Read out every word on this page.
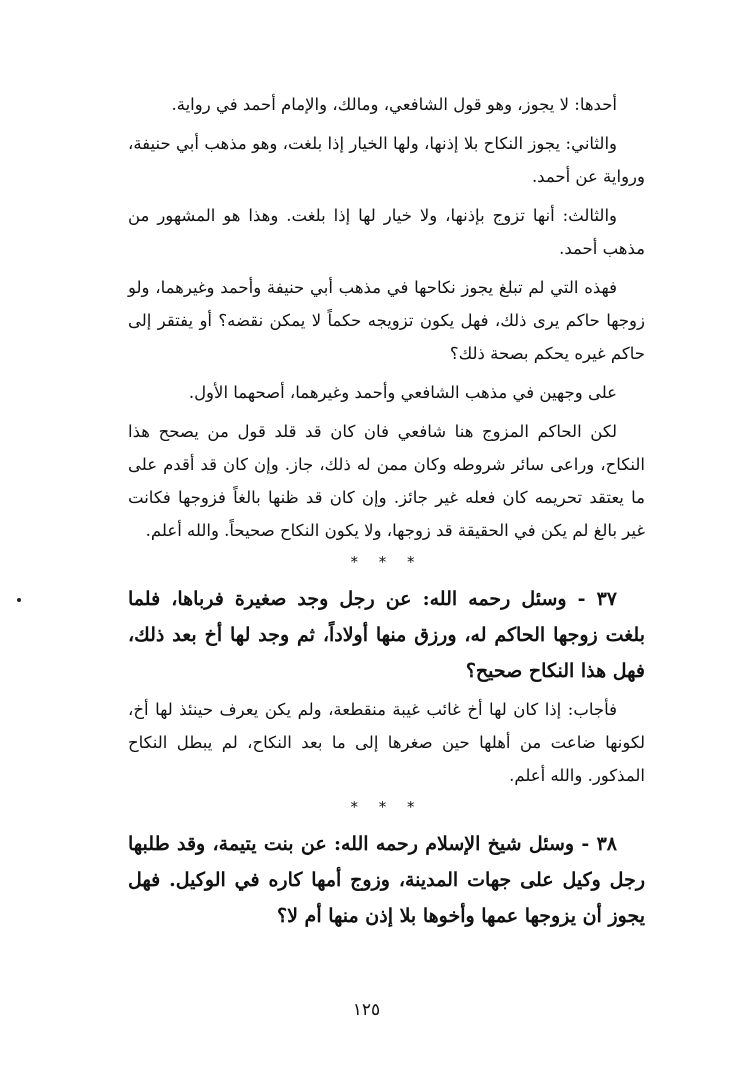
أحدها: لا يجوز، وهو قول الشافعي، ومالك، والإمام أحمد في رواية.

والثاني: يجوز النكاح بلا إذنها، ولها الخيار إذا بلغت، وهو مذهب أبي حنيفة، ورواية عن أحمد.

والثالث: أنها تزوج بإذنها، ولا خيار لها إذا بلغت. وهذا هو المشهور من مذهب أحمد.

فهذه التي لم تبلغ يجوز نكاحها في مذهب أبي حنيفة وأحمد وغيرهما، ولو زوجها حاكم يرى ذلك، فهل يكون تزويجه حكماً لا يمكن نقضه؟ أو يفتقر إلى حاكم غيره يحكم بصحة ذلك؟

على وجهين في مذهب الشافعي وأحمد وغيرهما، أصحهما الأول.

لكن الحاكم المزوج هنا شافعي فان كان قد قلد قول من يصحح هذا النكاح، وراعى سائر شروطه وكان ممن له ذلك، جاز. وإن كان قد أقدم على ما يعتقد تحريمه كان فعله غير جائز. وإن كان قد ظنها بالغاً فزوجها فكانت غير بالغ لم يكن في الحقيقة قد زوجها، ولا يكون النكاح صحيحاً. والله أعلم.

* * *

٣٧ - وسئل رحمه الله: عن رجل وجد صغيرة فرباها، فلما بلغت زوجها الحاكم له، ورزق منها أولاداً، ثم وجد لها أخ بعد ذلك، فهل هذا النكاح صحيح؟

فأجاب: إذا كان لها أخ غائب غيبة منقطعة، ولم يكن يعرف حينئذ لها أخ، لكونها ضاعت من أهلها حين صغرها إلى ما بعد النكاح، لم يبطل النكاح المذكور. والله أعلم.

* * *

٣٨ - وسئل شيخ الإسلام رحمه الله: عن بنت يتيمة، وقد طلبها رجل وكيل على جهات المدينة، وزوج أمها كاره في الوكيل. فهل يجوز أن يزوجها عمها وأخوها بلا إذن منها أم لا؟

١٢٥
